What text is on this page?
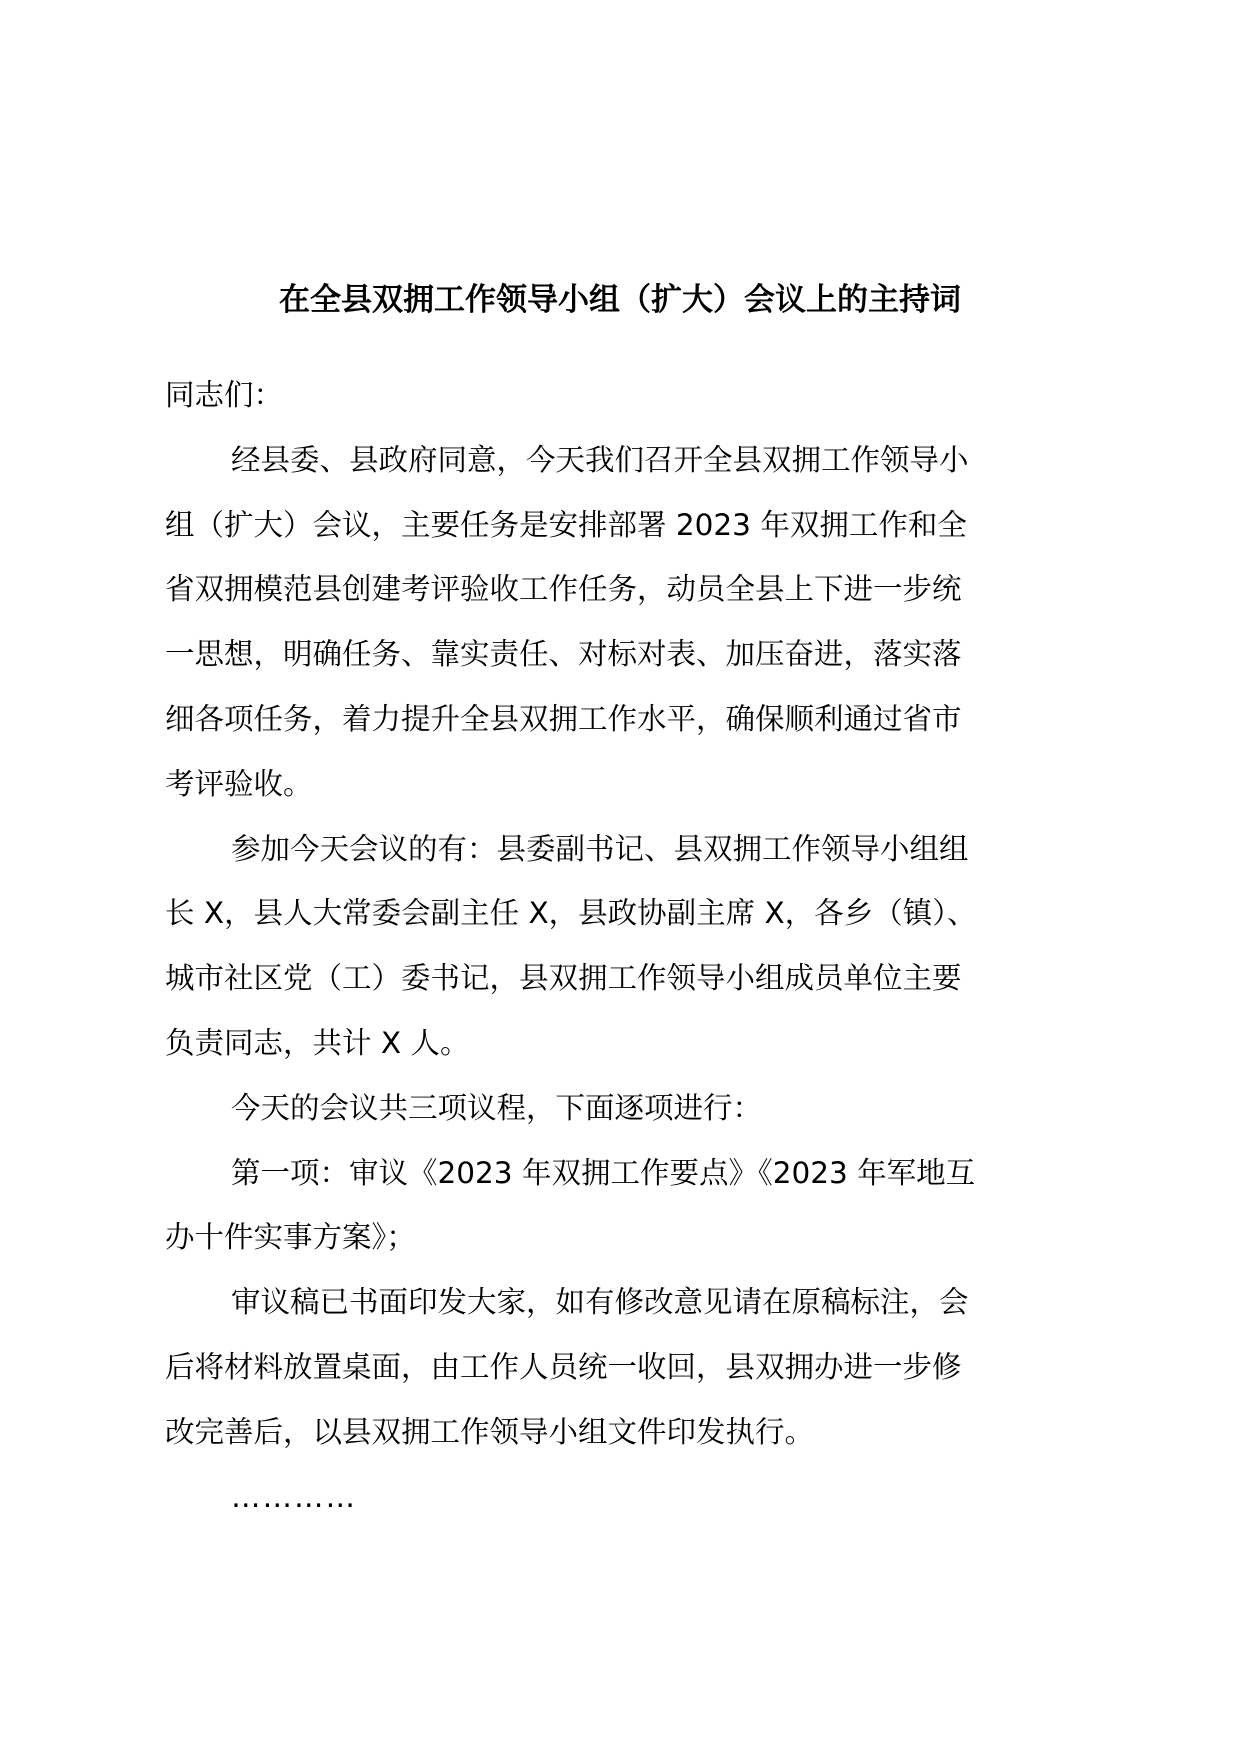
在全县双拥工作领导小组（扩大）会议上的主持词
同志们：
经县委、县政府同意，今天我们召开全县双拥工作领导小
组（扩大）会议，主要任务是安排部署 2023 年双拥工作和全
省双拥模范县创建考评验收工作任务，动员全县上下进一步统
一思想，明确任务、靠实责任、对标对表、加压奋进，落实落
细各项任务，着力提升全县双拥工作水平，确保顺利通过省市
考评验收。
参加今天会议的有：县委副书记、县双拥工作领导小组组
长 X，县人大常委会副主任 X，县政协副主席 X，各乡（镇）、
城市社区党（工）委书记，县双拥工作领导小组成员单位主要
负责同志，共计 X 人。
今天的会议共三项议程，下面逐项进行：
第一项：审议《2023 年双拥工作要点》《2023 年军地互
办十件实事方案》；
审议稿已书面印发大家，如有修改意见请在原稿标注，会
后将材料放置桌面，由工作人员统一收回，县双拥办进一步修
改完善后，以县双拥工作领导小组文件印发执行。
…………
